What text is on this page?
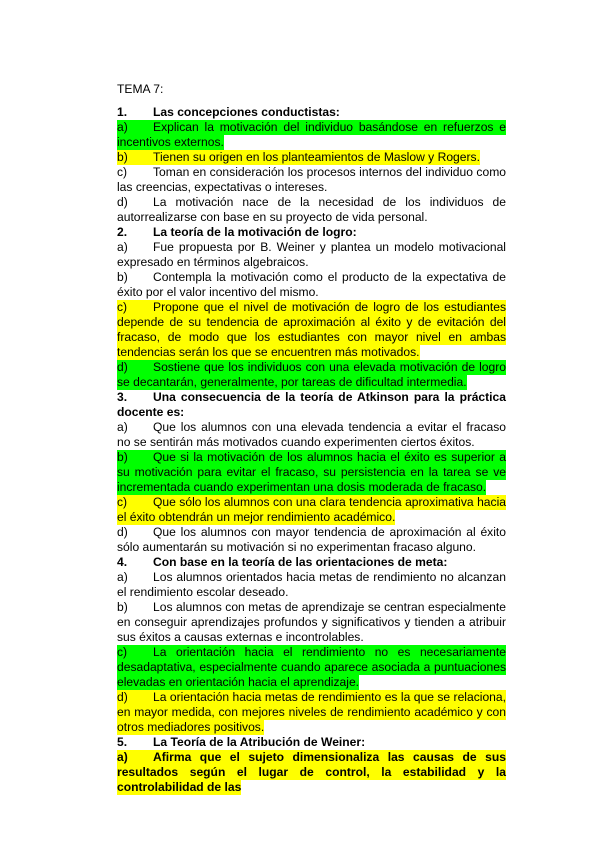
TEMA 7:
1. Las concepciones conductistas:
a) Explican la motivación del individuo basándose en refuerzos e incentivos externos.
b) Tienen su origen en los planteamientos de Maslow y Rogers.
c) Toman en consideración los procesos internos del individuo como las creencias, expectativas o intereses.
d) La motivación nace de la necesidad de los individuos de autorrealizarse con base en su proyecto de vida personal.
2. La teoría de la motivación de logro:
a) Fue propuesta por B. Weiner y plantea un modelo motivacional expresado en términos algebraicos.
b) Contempla la motivación como el producto de la expectativa de éxito por el valor incentivo del mismo.
c) Propone que el nivel de motivación de logro de los estudiantes depende de su tendencia de aproximación al éxito y de evitación del fracaso, de modo que los estudiantes con mayor nivel en ambas tendencias serán los que se encuentren más motivados.
d) Sostiene que los individuos con una elevada motivación de logro se decantarán, generalmente, por tareas de dificultad intermedia.
3. Una consecuencia de la teoría de Atkinson para la práctica docente es:
a) Que los alumnos con una elevada tendencia a evitar el fracaso no se sentirán más motivados cuando experimenten ciertos éxitos.
b) Que si la motivación de los alumnos hacia el éxito es superior a su motivación para evitar el fracaso, su persistencia en la tarea se ve incrementada cuando experimentan una dosis moderada de fracaso.
c) Que sólo los alumnos con una clara tendencia aproximativa hacia el éxito obtendrán un mejor rendimiento académico.
d) Que los alumnos con mayor tendencia de aproximación al éxito sólo aumentarán su motivación si no experimentan fracaso alguno.
4. Con base en la teoría de las orientaciones de meta:
a) Los alumnos orientados hacia metas de rendimiento no alcanzan el rendimiento escolar deseado.
b) Los alumnos con metas de aprendizaje se centran especialmente en conseguir aprendizajes profundos y significativos y tienden a atribuir sus éxitos a causas externas e incontrolables.
c) La orientación hacia el rendimiento no es necesariamente desadaptativa, especialmente cuando aparece asociada a puntuaciones elevadas en orientación hacia el aprendizaje.
d) La orientación hacia metas de rendimiento es la que se relaciona, en mayor medida, con mejores niveles de rendimiento académico y con otros mediadores positivos.
5. La Teoría de la Atribución de Weiner:
a) Afirma que el sujeto dimensionaliza las causas de sus resultados según el lugar de control, la estabilidad y la controlabilidad de las
